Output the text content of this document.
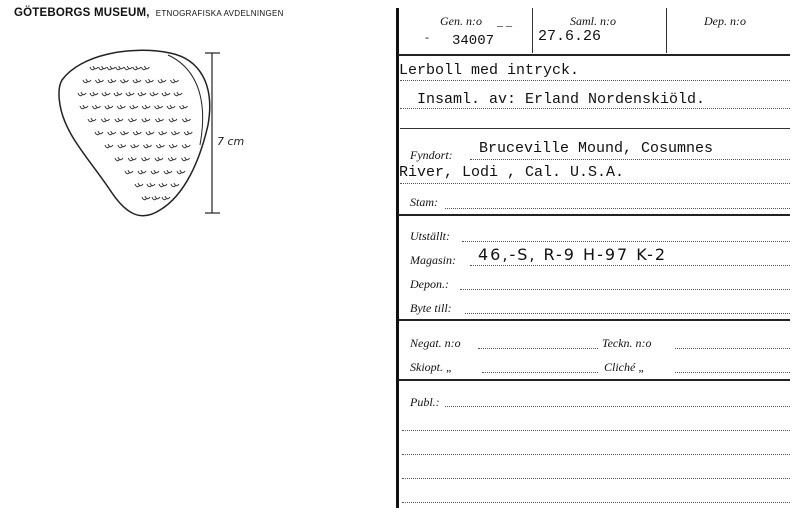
GÖTEBORGS MUSEUM, ETNOGRAFISKA AVDELNINGEN
7 cm
Gen. n:o _ _
- 34007
Saml. n:o
27.6.26
Dep. n:o
Lerboll med intryck.
Insaml. av: Erland Nordenskiöld.
Fyndort: Bruceville Mound, Cosumnes
River, Lodi , Cal. U.S.A.
Stam:
Utställt:
Magasin: 46,-S, R-9 H-97 K-2
Depon.:
Byte till:
Negat. n:o	Teckn. n:o
Skiopt. „	Cliché „
Publ.:
